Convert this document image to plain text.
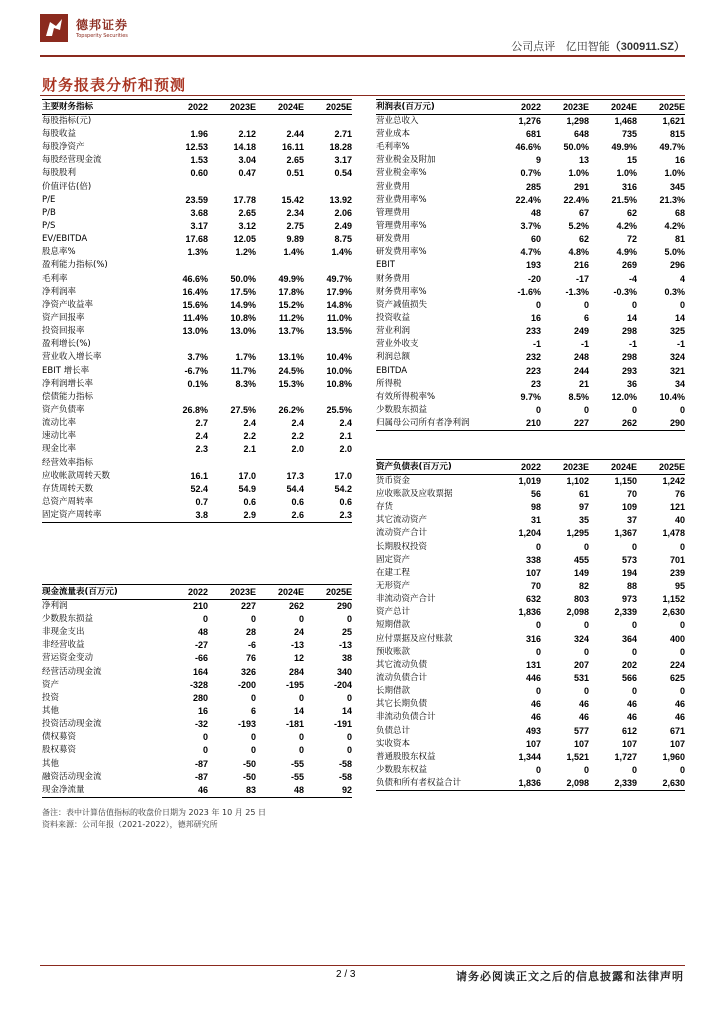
德邦证券
Topsperity Securities
公司点评 亿田智能（300911.SZ）
财务报表分析和预测
主要财务指标	2022	2023E	2024E	2025E
每股指标(元)				
每股收益	1.96	2.12	2.44	2.71
每股净资产	12.53	14.18	16.11	18.28
每股经营现金流	1.53	3.04	2.65	3.17
每股股利	0.60	0.47	0.51	0.54
价值评估(倍)				
P/E	23.59	17.78	15.42	13.92
P/B	3.68	2.65	2.34	2.06
P/S	3.17	3.12	2.75	2.49
EV/EBITDA	17.68	12.05	9.89	8.75
股息率%	1.3%	1.2%	1.4%	1.4%
盈利能力指标(%)				
毛利率	46.6%	50.0%	49.9%	49.7%
净利润率	16.4%	17.5%	17.8%	17.9%
净资产收益率	15.6%	14.9%	15.2%	14.8%
资产回报率	11.4%	10.8%	11.2%	11.0%
投资回报率	13.0%	13.0%	13.7%	13.5%
盈利增长(%)				
营业收入增长率	3.7%	1.7%	13.1%	10.4%
EBIT 增长率	-6.7%	11.7%	24.5%	10.0%
净利润增长率	0.1%	8.3%	15.3%	10.8%
偿债能力指标				
资产负债率	26.8%	27.5%	26.2%	25.5%
流动比率	2.7	2.4	2.4	2.4
速动比率	2.4	2.2	2.2	2.1
现金比率	2.3	2.1	2.0	2.0
经营效率指标				
应收帐款周转天数	16.1	17.0	17.3	17.0
存货周转天数	52.4	54.9	54.4	54.2
总资产周转率	0.7	0.6	0.6	0.6
固定资产周转率	3.8	2.9	2.6	2.3
利润表(百万元)	2022	2023E	2024E	2025E
营业总收入	1,276	1,298	1,468	1,621
营业成本	681	648	735	815
毛利率%	46.6%	50.0%	49.9%	49.7%
营业税金及附加	9	13	15	16
营业税金率%	0.7%	1.0%	1.0%	1.0%
营业费用	285	291	316	345
营业费用率%	22.4%	22.4%	21.5%	21.3%
管理费用	48	67	62	68
管理费用率%	3.7%	5.2%	4.2%	4.2%
研发费用	60	62	72	81
研发费用率%	4.7%	4.8%	4.9%	5.0%
EBIT	193	216	269	296
财务费用	-20	-17	-4	4
财务费用率%	-1.6%	-1.3%	-0.3%	0.3%
资产减值损失	0	0	0	0
投资收益	16	6	14	14
营业利润	233	249	298	325
营业外收支	-1	-1	-1	-1
利润总额	232	248	298	324
EBITDA	223	244	293	321
所得税	23	21	36	34
有效所得税率%	9.7%	8.5%	12.0%	10.4%
少数股东损益	0	0	0	0
归属母公司所有者净利润	210	227	262	290
资产负债表(百万元)	2022	2023E	2024E	2025E
货币资金	1,019	1,102	1,150	1,242
应收账款及应收票据	56	61	70	76
存货	98	97	109	121
其它流动资产	31	35	37	40
流动资产合计	1,204	1,295	1,367	1,478
长期股权投资	0	0	0	0
固定资产	338	455	573	701
在建工程	107	149	194	239
无形资产	70	82	88	95
非流动资产合计	632	803	973	1,152
资产总计	1,836	2,098	2,339	2,630
短期借款	0	0	0	0
应付票据及应付账款	316	324	364	400
预收账款	0	0	0	0
其它流动负债	131	207	202	224
流动负债合计	446	531	566	625
长期借款	0	0	0	0
其它长期负债	46	46	46	46
非流动负债合计	46	46	46	46
负债总计	493	577	612	671
实收资本	107	107	107	107
普通股股东权益	1,344	1,521	1,727	1,960
少数股东权益	0	0	0	0
负债和所有者权益合计	1,836	2,098	2,339	2,630
现金流量表(百万元)	2022	2023E	2024E	2025E
净利润	210	227	262	290
少数股东损益	0	0	0	0
非现金支出	48	28	24	25
非经营收益	-27	-6	-13	-13
营运资金变动	-66	76	12	38
经营活动现金流	164	326	284	340
资产	-328	-200	-195	-204
投资	280	0	0	0
其他	16	6	14	14
投资活动现金流	-32	-193	-181	-191
债权募资	0	0	0	0
股权募资	0	0	0	0
其他	-87	-50	-55	-58
融资活动现金流	-87	-50	-55	-58
现金净流量	46	83	48	92
备注：表中计算估值指标的收盘价日期为 2023 年 10 月 25 日
资料来源：公司年报（2021-2022），德邦研究所
2 / 3	请务必阅读正文之后的信息披露和法律声明
